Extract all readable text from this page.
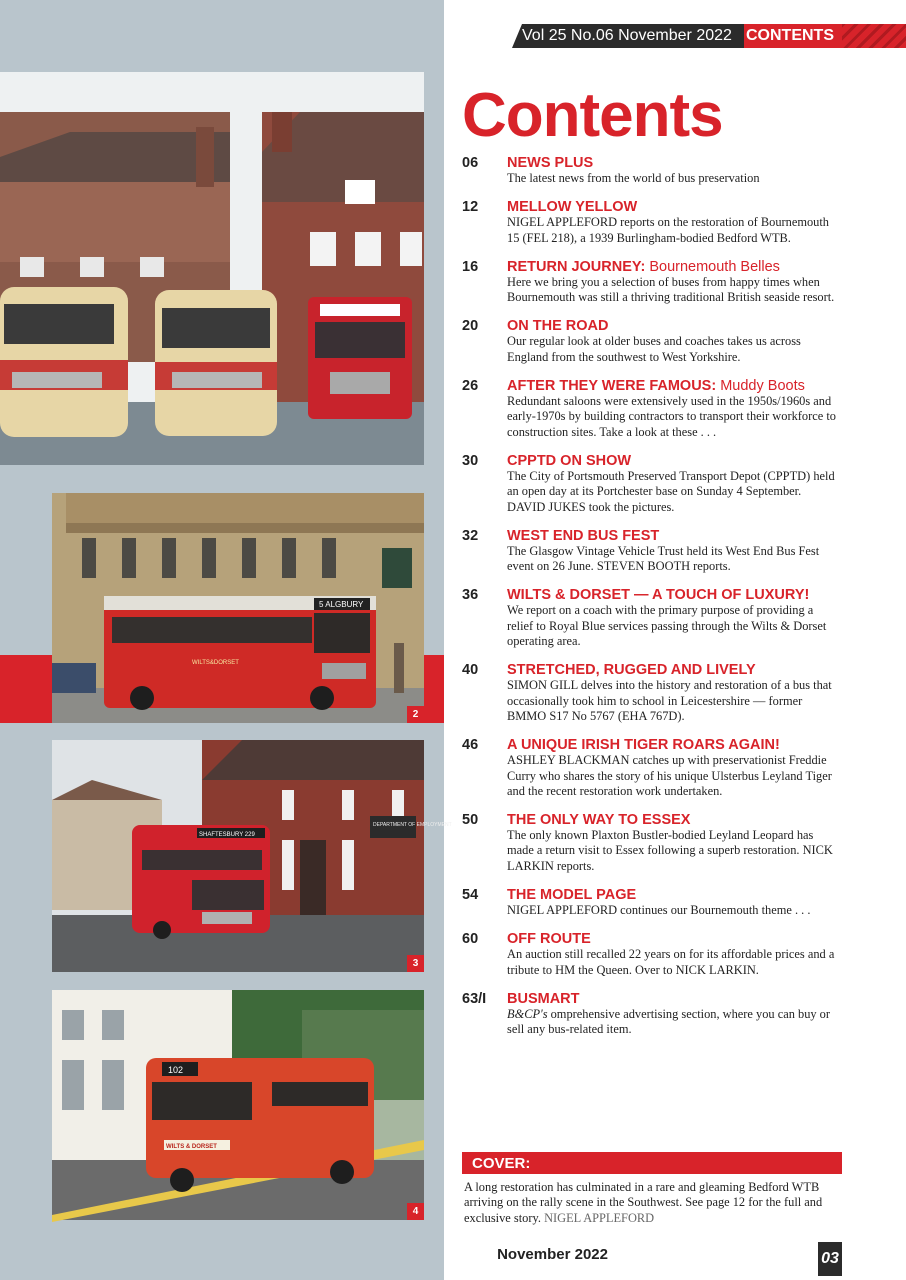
5 ALGBURY
WILTS&DORSET
2
DEPARTMENT OF EMPLOYMENT
SHAFTESBURY 229
3
102
WILTS & DORSET
4
Vol 25 No.06 November 2022 CONTENTS
Contents
06	NEWS PLUS
The latest news from the world of bus preservation
12	MELLOW YELLOW
NIGEL APPLEFORD reports on the restoration of Bournemouth 15 (FEL 218), a 1939 Burlingham-bodied Bedford WTB.
16	RETURN JOURNEY: Bournemouth Belles
Here we bring you a selection of buses from happy times when Bournemouth was still a thriving traditional British seaside resort.
20	ON THE ROAD
Our regular look at older buses and coaches takes us across England from the southwest to West Yorkshire.
26	AFTER THEY WERE FAMOUS: Muddy Boots
Redundant saloons were extensively used in the 1950s/1960s and early-1970s by building contractors to transport their workforce to construction sites. Take a look at these . . .
30	CPPTD ON SHOW
The City of Portsmouth Preserved Transport Depot (CPPTD) held an open day at its Portchester base on Sunday 4 September. DAVID JUKES took the pictures.
32	WEST END BUS FEST
The Glasgow Vintage Vehicle Trust held its West End Bus Fest event on 26 June. STEVEN BOOTH reports.
36	WILTS & DORSET — A TOUCH OF LUXURY!
We report on a coach with the primary purpose of providing a relief to Royal Blue services passing through the Wilts & Dorset operating area.
40	STRETCHED, RUGGED AND LIVELY
SIMON GILL delves into the history and restoration of a bus that occasionally took him to school in Leicestershire — former BMMO S17 No 5767 (EHA 767D).
46	A UNIQUE IRISH TIGER ROARS AGAIN!
ASHLEY BLACKMAN catches up with preservationist Freddie Curry who shares the story of his unique Ulsterbus Leyland Tiger and the recent restoration work undertaken.
50	THE ONLY WAY TO ESSEX
The only known Plaxton Bustler-bodied Leyland Leopard has made a return visit to Essex following a superb restoration. NICK LARKIN reports.
54	THE MODEL PAGE
NIGEL APPLEFORD continues our Bournemouth theme . . .
60	OFF ROUTE
An auction still recalled 22 years on for its affordable prices and a tribute to HM the Queen. Over to NICK LARKIN.
63/I	BUSMART
B&CP's omprehensive advertising section, where you can buy or sell any bus-related item.
COVER:
A long restoration has culminated in a rare and gleaming Bedford WTB arriving on the rally scene in the Southwest. See page 12 for the full and exclusive story. NIGEL APPLEFORD
November 2022	03
